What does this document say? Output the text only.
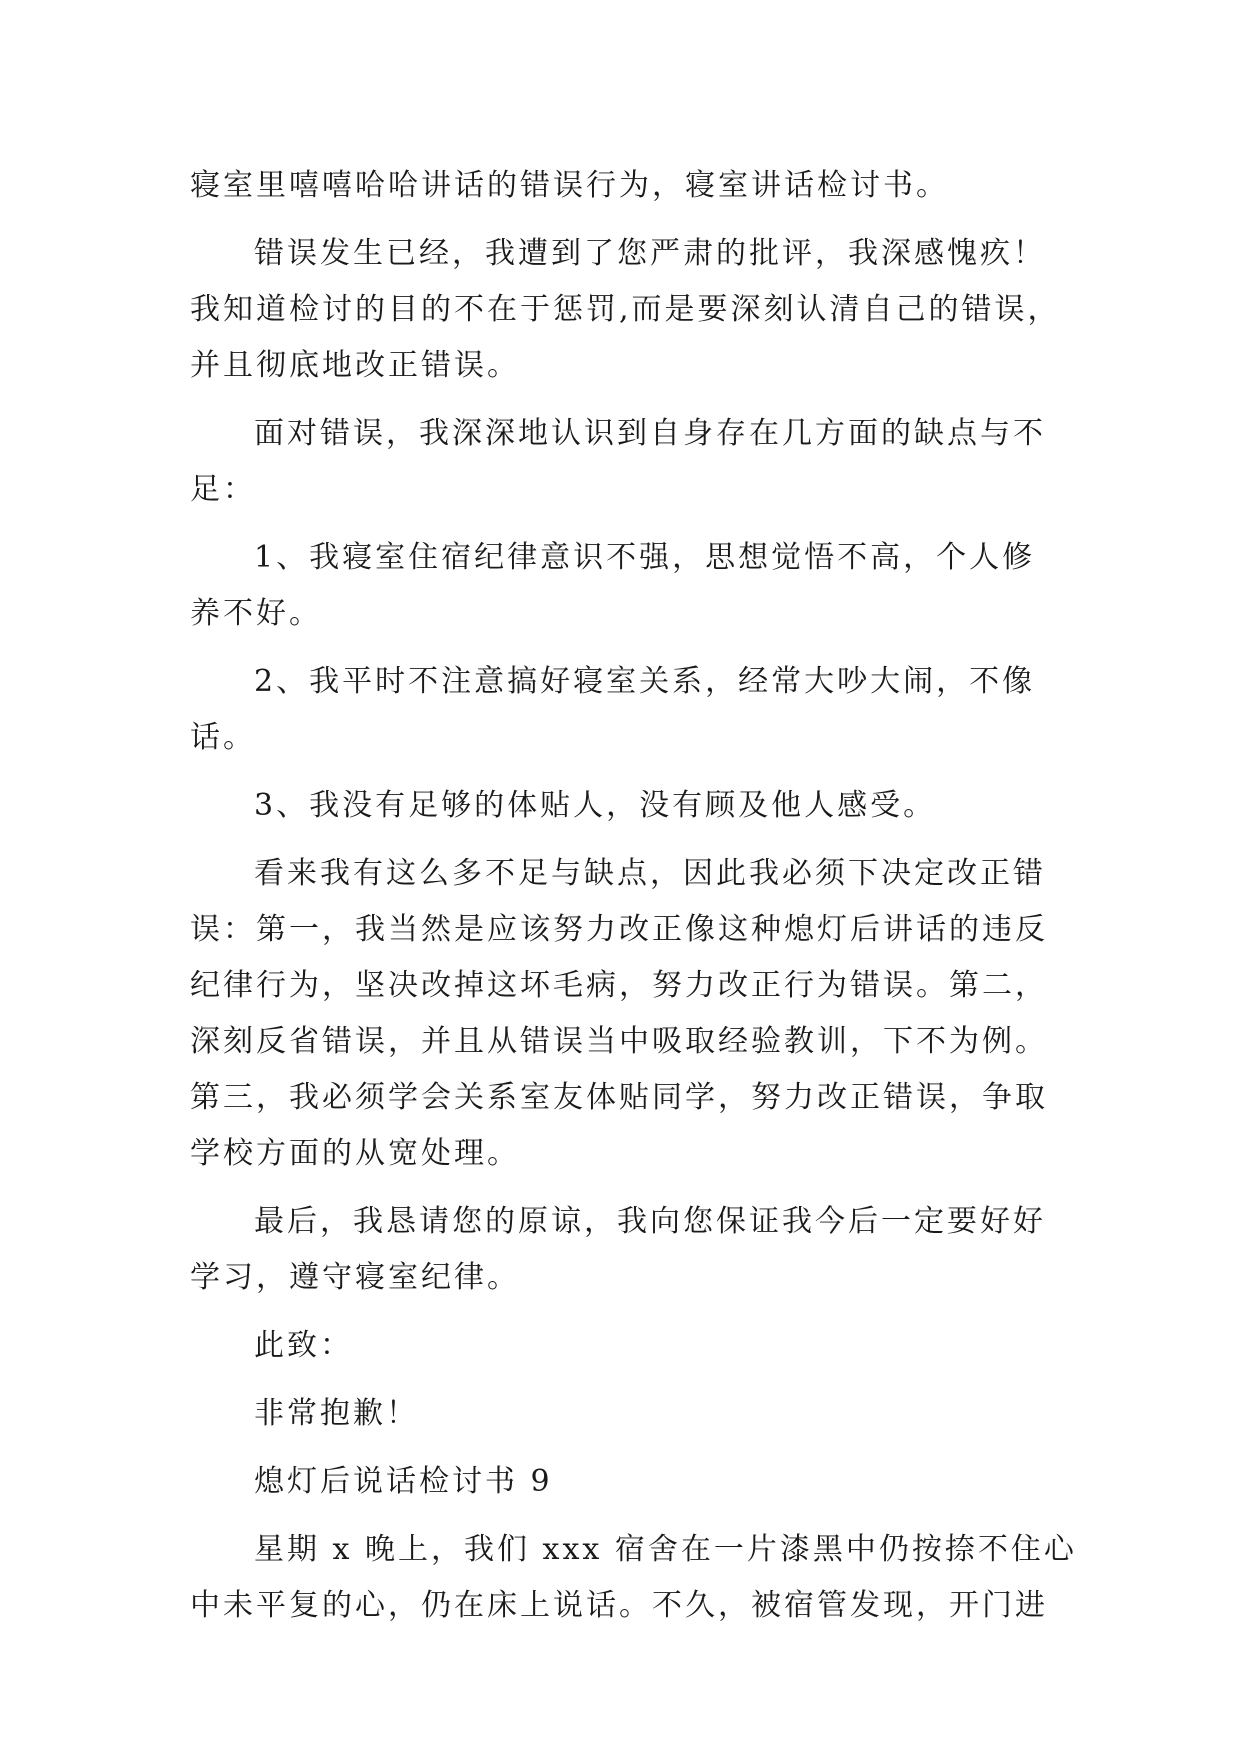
寝室里嘻嘻哈哈讲话的错误行为，寝室讲话检讨书。
错误发生已经，我遭到了您严肃的批评，我深感愧疚！
我知道检讨的目的不在于惩罚,而是要深刻认清自己的错误，
并且彻底地改正错误。
面对错误，我深深地认识到自身存在几方面的缺点与不
足：
1、我寝室住宿纪律意识不强，思想觉悟不高，个人修
养不好。
2、我平时不注意搞好寝室关系，经常大吵大闹，不像
话。
3、我没有足够的体贴人，没有顾及他人感受。
看来我有这么多不足与缺点，因此我必须下决定改正错
误：第一，我当然是应该努力改正像这种熄灯后讲话的违反
纪律行为，坚决改掉这坏毛病，努力改正行为错误。第二，
深刻反省错误，并且从错误当中吸取经验教训，下不为例。
第三，我必须学会关系室友体贴同学，努力改正错误，争取
学校方面的从宽处理。
最后，我恳请您的原谅，我向您保证我今后一定要好好
学习，遵守寝室纪律。
此致：
非常抱歉！
熄灯后说话检讨书 9
星期 x 晚上，我们 xxx 宿舍在一片漆黑中仍按捺不住心
中未平复的心，仍在床上说话。不久，被宿管发现，开门进
